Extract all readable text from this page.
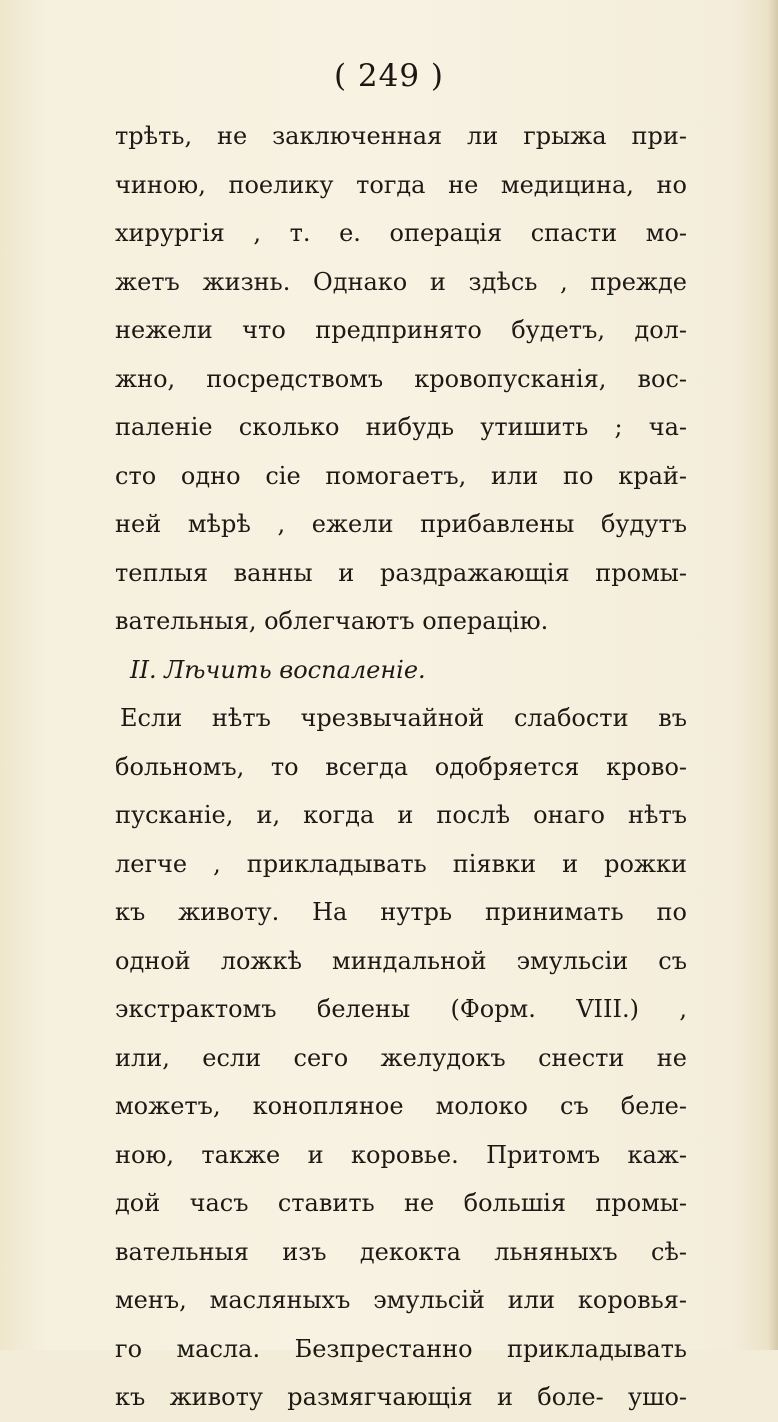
( 249 )
трѣть, не заключенная ли грыжа при-
чиною, поелику тогда не медицина, но
хирургія , т. е. операція спасти мо-
жетъ жизнь. Однако и здѣсь , прежде
нежели что предпринято будетъ, дол-
жно, посредствомъ кровопусканія, вос-
паленіе сколько нибудь утишить ; ча-
сто одно сіе помогаетъ, или по край-
ней мѣрѣ , ежели прибавлены будутъ
теплыя ванны и раздражающія промы-
вательныя, облегчаютъ операцію.
II. Лѣчить воспаленіе.
Если нѣтъ чрезвычайной слабости въ
больномъ, то всегда одобряется крово-
пусканіе, и, когда и послѣ онаго нѣтъ
легче , прикладывать піявки и рожки
къ животу. На нутрь принимать по
одной ложкѣ миндальной эмульсіи съ
экстрактомъ белены (Форм. VIII.) ,
или, если сего желудокъ снести не
можетъ, конопляное молоко съ беле-
ною, также и коровье. Притомъ каж-
дой часъ ставить не большія промы-
вательныя изъ декокта льняныхъ сѣ-
менъ, масляныхъ эмульсій или коровья-
го масла. Безпрестанно прикладывать
къ животу размягчающія и боле- ушо-
